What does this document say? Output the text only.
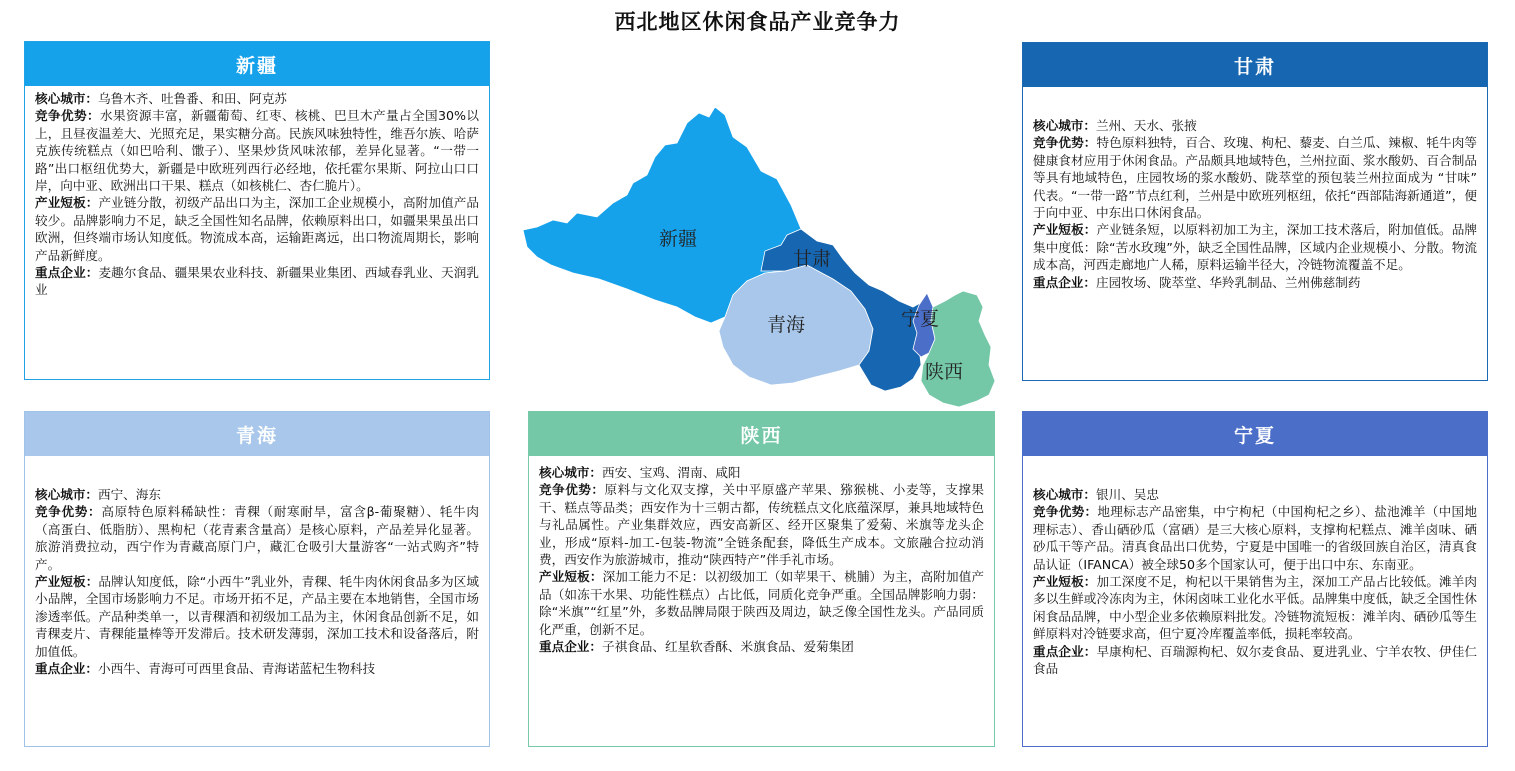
西北地区休闲食品产业竞争力
新疆
甘肃
青海	宁夏
陕西
新疆

核心城市：乌鲁木齐、吐鲁番、和田、阿克苏

竞争优势：水果资源丰富，新疆葡萄、红枣、核桃、巴旦木产量占全国30%以上，且昼夜温差大、光照充足，果实糖分高。民族风味独特性，维吾尔族、哈萨克族传统糕点（如巴哈利、馓子）、坚果炒货风味浓郁，差异化显著。“一带一路”出口枢纽优势大，新疆是中欧班列西行必经地，依托霍尔果斯、阿拉山口口岸，向中亚、欧洲出口干果、糕点（如核桃仁、杏仁脆片）。

产业短板：产业链分散，初级产品出口为主，深加工企业规模小，高附加值产品较少。品牌影响力不足，缺乏全国性知名品牌，依赖原料出口，如疆果果虽出口欧洲，但终端市场认知度低。物流成本高，运输距离远，出口物流周期长，影响产品新鲜度。

重点企业：麦趣尔食品、疆果果农业科技、新疆果业集团、西域春乳业、天润乳业

甘肃

核心城市：兰州、天水、张掖

竞争优势：特色原料独特，百合、玫瑰、枸杞、藜麦、白兰瓜、辣椒、牦牛肉等健康食材应用于休闲食品。产品颇具地域特色，兰州拉面、浆水酸奶、百合制品等具有地域特色，庄园牧场的浆水酸奶、陇萃堂的预包装兰州拉面成为 “甘味” 代表。“一带一路”节点红利，兰州是中欧班列枢纽，依托“西部陆海新通道”，便于向中亚、中东出口休闲食品。

产业短板：产业链条短，以原料初加工为主，深加工技术落后，附加值低。品牌集中度低：除“苦水玫瑰”外，缺乏全国性品牌，区域内企业规模小、分散。物流成本高，河西走廊地广人稀，原料运输半径大，冷链物流覆盖不足。

重点企业：庄园牧场、陇萃堂、华羚乳制品、兰州佛慈制药

青海

核心城市：西宁、海东

竞争优势：高原特色原料稀缺性：青稞（耐寒耐旱，富含β-葡聚糖）、牦牛肉（高蛋白、低脂肪）、黑枸杞（花青素含量高）是核心原料，产品差异化显著。旅游消费拉动，西宁作为青藏高原门户，藏汇仓吸引大量游客“一站式购齐”特产。

产业短板：品牌认知度低，除“小西牛”乳业外，青稞、牦牛肉休闲食品多为区域小品牌，全国市场影响力不足。市场开拓不足，产品主要在本地销售，全国市场渗透率低。产品种类单一，以青稞酒和初级加工品为主，休闲食品创新不足，如青稞麦片、青稞能量棒等开发滞后。技术研发薄弱，深加工技术和设备落后，附加值低。

重点企业：小西牛、青海可可西里食品、青海诺蓝杞生物科技

陕西

核心城市：西安、宝鸡、渭南、咸阳

竞争优势：原料与文化双支撑，关中平原盛产苹果、猕猴桃、小麦等，支撑果干、糕点等品类；西安作为十三朝古都，传统糕点文化底蕴深厚，兼具地域特色与礼品属性。产业集群效应，西安高新区、经开区聚集了爱菊、米旗等龙头企业，形成“原料-加工-包装-物流”全链条配套，降低生产成本。文旅融合拉动消费，西安作为旅游城市，推动“陕西特产”伴手礼市场。

产业短板：深加工能力不足：以初级加工（如苹果干、桃脯）为主，高附加值产品（如冻干水果、功能性糕点）占比低，同质化竞争严重。全国品牌影响力弱：除“米旗”“红星”外，多数品牌局限于陕西及周边，缺乏像全国性龙头。产品同质化严重，创新不足。

重点企业：子祺食品、红星软香酥、米旗食品、爱菊集团

宁夏

核心城市：银川、吴忠

竞争优势：地理标志产品密集，中宁枸杞（中国枸杞之乡）、盐池滩羊（中国地理标志）、香山硒砂瓜（富硒）是三大核心原料，支撑枸杞糕点、滩羊卤味、硒砂瓜干等产品。清真食品出口优势，宁夏是中国唯一的省级回族自治区，清真食品认证（IFANCA）被全球50多个国家认可，便于出口中东、东南亚。

产业短板：加工深度不足，枸杞以干果销售为主，深加工产品占比较低。滩羊肉多以生鲜或冷冻肉为主，休闲卤味工业化水平低。品牌集中度低，缺乏全国性休闲食品品牌，中小型企业多依赖原料批发。冷链物流短板：滩羊肉、硒砂瓜等生鲜原料对冷链要求高，但宁夏冷库覆盖率低，损耗率较高。

重点企业：早康枸杞、百瑞源枸杞、奴尔麦食品、夏进乳业、宁羊农牧、伊佳仁食品
